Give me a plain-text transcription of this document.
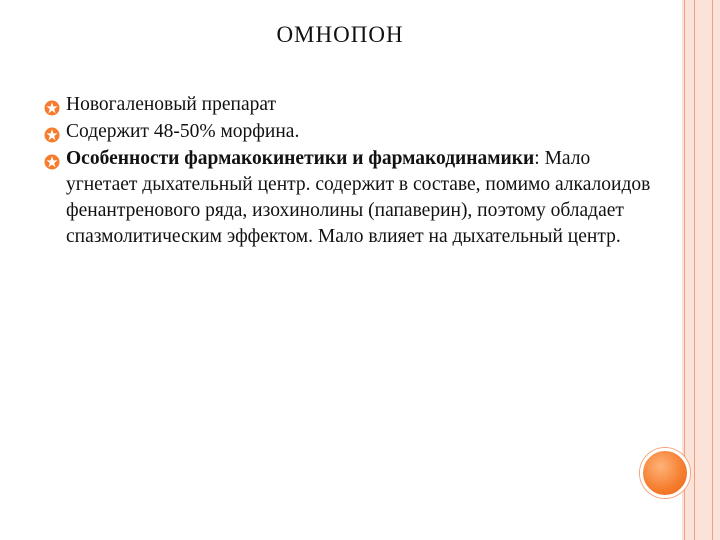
ОМНОПОН
Новогаленовый препарат
Содержит 48-50% морфина.
Особенности фармакокинетики и фармакодинамики: Мало угнетает дыхательный центр. содержит в составе, помимо алкалоидов фенантренового ряда, изохинолины (папаверин), поэтому обладает спазмолитическим эффектом. Мало влияет на дыхательный центр.
